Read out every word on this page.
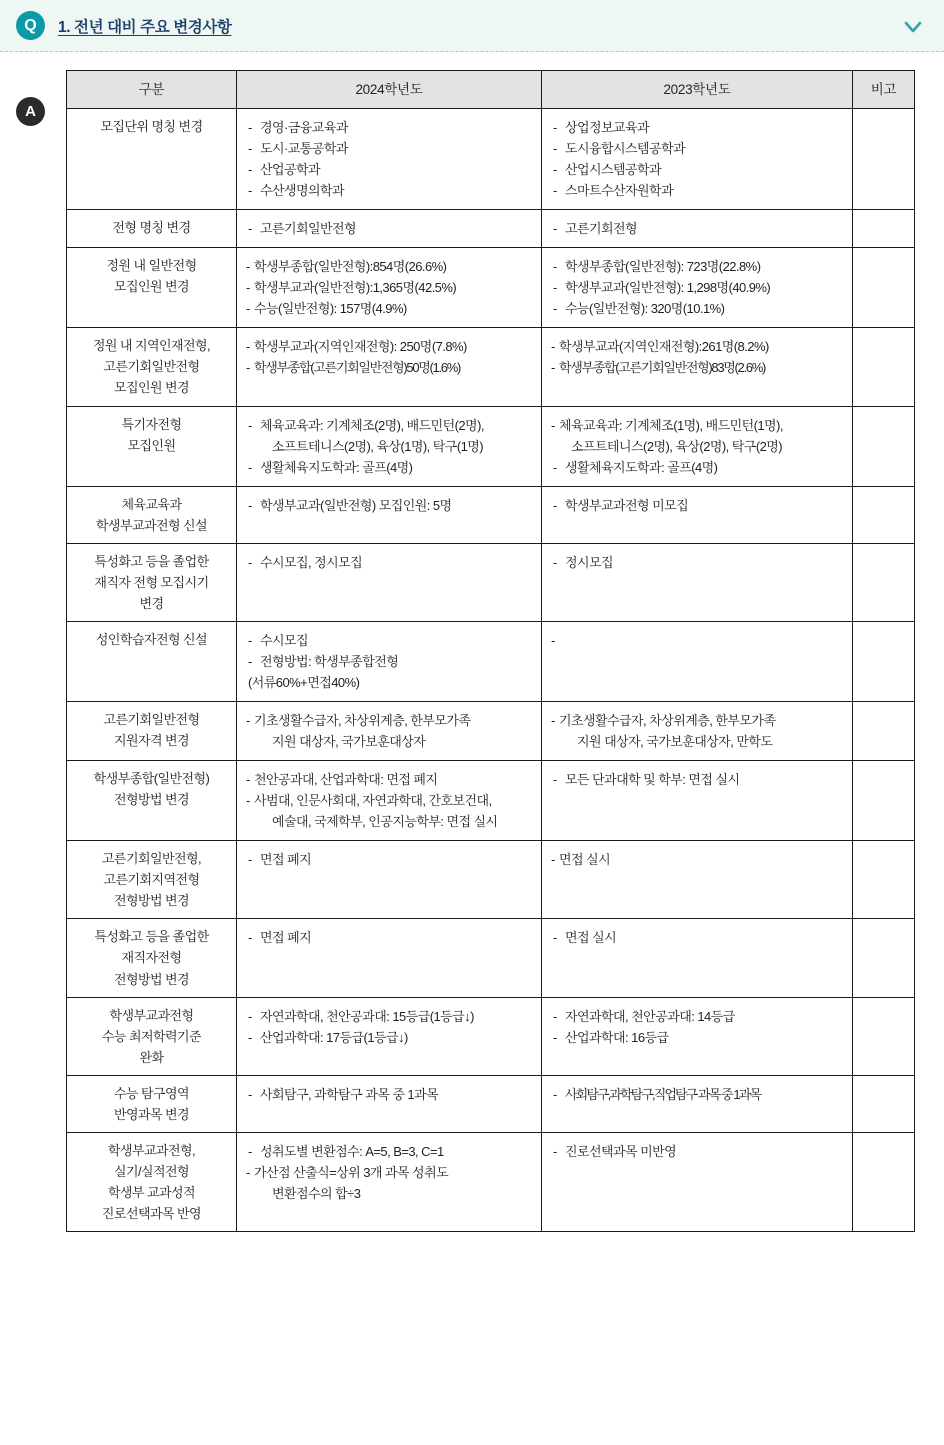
Q	1. 전년 대비 주요 변경사항
A
구분	2024학년도	2023학년도	비고

모집단위 명칭 변경	- 경영·금융교육과
- 도시·교통공학과
- 산업공학과
- 수산생명의학과	- 상업정보교육과
- 도시융합시스템공학과
- 산업시스템공학과
- 스마트수산자원학과

전형 명칭 변경	- 고른기회일반전형	- 고른기회전형

정원 내 일반전형
모집인원 변경	- 학생부종합(일반전형):854명(26.6%)
- 학생부교과(일반전형):1,365명(42.5%)
- 수능(일반전형): 157명(4.9%)	- 학생부종합(일반전형): 723명(22.8%)
- 학생부교과(일반전형): 1,298명(40.9%)
- 수능(일반전형): 320명(10.1%)

정원 내 지역인재전형,
고른기회일반전형
모집인원 변경	- 학생부교과(지역인재전형): 250명(7.8%)
- 학생부종합(고른기회일반전형)50명(1.6%)	- 학생부교과(지역인재전형):261명(8.2%)
- 학생부종합(고른기회일반전형)83명(2.6%)

특기자전형
모집인원	- 체육교육과: 기계체조(2명), 배드민턴(2명),
소프트테니스(2명), 육상(1명), 탁구(1명)
- 생활체육지도학과: 골프(4명)	- 체육교육과: 기계체조(1명), 배드민턴(1명),
소프트테니스(2명), 육상(2명), 탁구(2명)
- 생활체육지도학과: 골프(4명)

체육교육과
학생부교과전형 신설	- 학생부교과(일반전형) 모집인원: 5명	- 학생부교과전형 미모집

특성화고 등을 졸업한
재직자 전형 모집시기
변경	- 수시모집, 정시모집	- 정시모집

성인학습자전형 신설	- 수시모집
- 전형방법: 학생부종합전형
(서류60%+면접40%)

고른기회일반전형
지원자격 변경	- 기초생활수급자, 차상위계층, 한부모가족
지원 대상자, 국가보훈대상자	- 기초생활수급자, 차상위계층, 한부모가족
지원 대상자, 국가보훈대상자, 만학도

학생부종합(일반전형)
전형방법 변경	- 천안공과대, 산업과학대: 면접 폐지
- 사범대, 인문사회대, 자연과학대, 간호보건대,
예술대, 국제학부, 인공지능학부: 면접 실시	- 모든 단과대학 및 학부: 면접 실시

고른기회일반전형,
고른기회지역전형
전형방법 변경	- 면접 폐지	- 면접 실시

특성화고 등을 졸업한
재직자전형
전형방법 변경	- 면접 폐지	- 면접 실시

학생부교과전형
수능 최저학력기준
완화	- 자연과학대, 천안공과대: 15등급(1등급↓)
- 산업과학대: 17등급(1등급↓)	- 자연과학대, 천안공과대: 14등급
- 산업과학대: 16등급

수능 탐구영역
반영과목 변경	- 사회탐구, 과학탐구 과목 중 1과목	- 사회탐구,과학탐구,직업탐구 과목 중 1과목

학생부교과전형,
실기/실적전형
학생부 교과성적
진로선택과목 반영	- 성취도별 변환점수: A=5, B=3, C=1
- 가산점 산출식=상위 3개 과목 성취도
변환점수의 합÷3	- 진로선택과목 미반영
